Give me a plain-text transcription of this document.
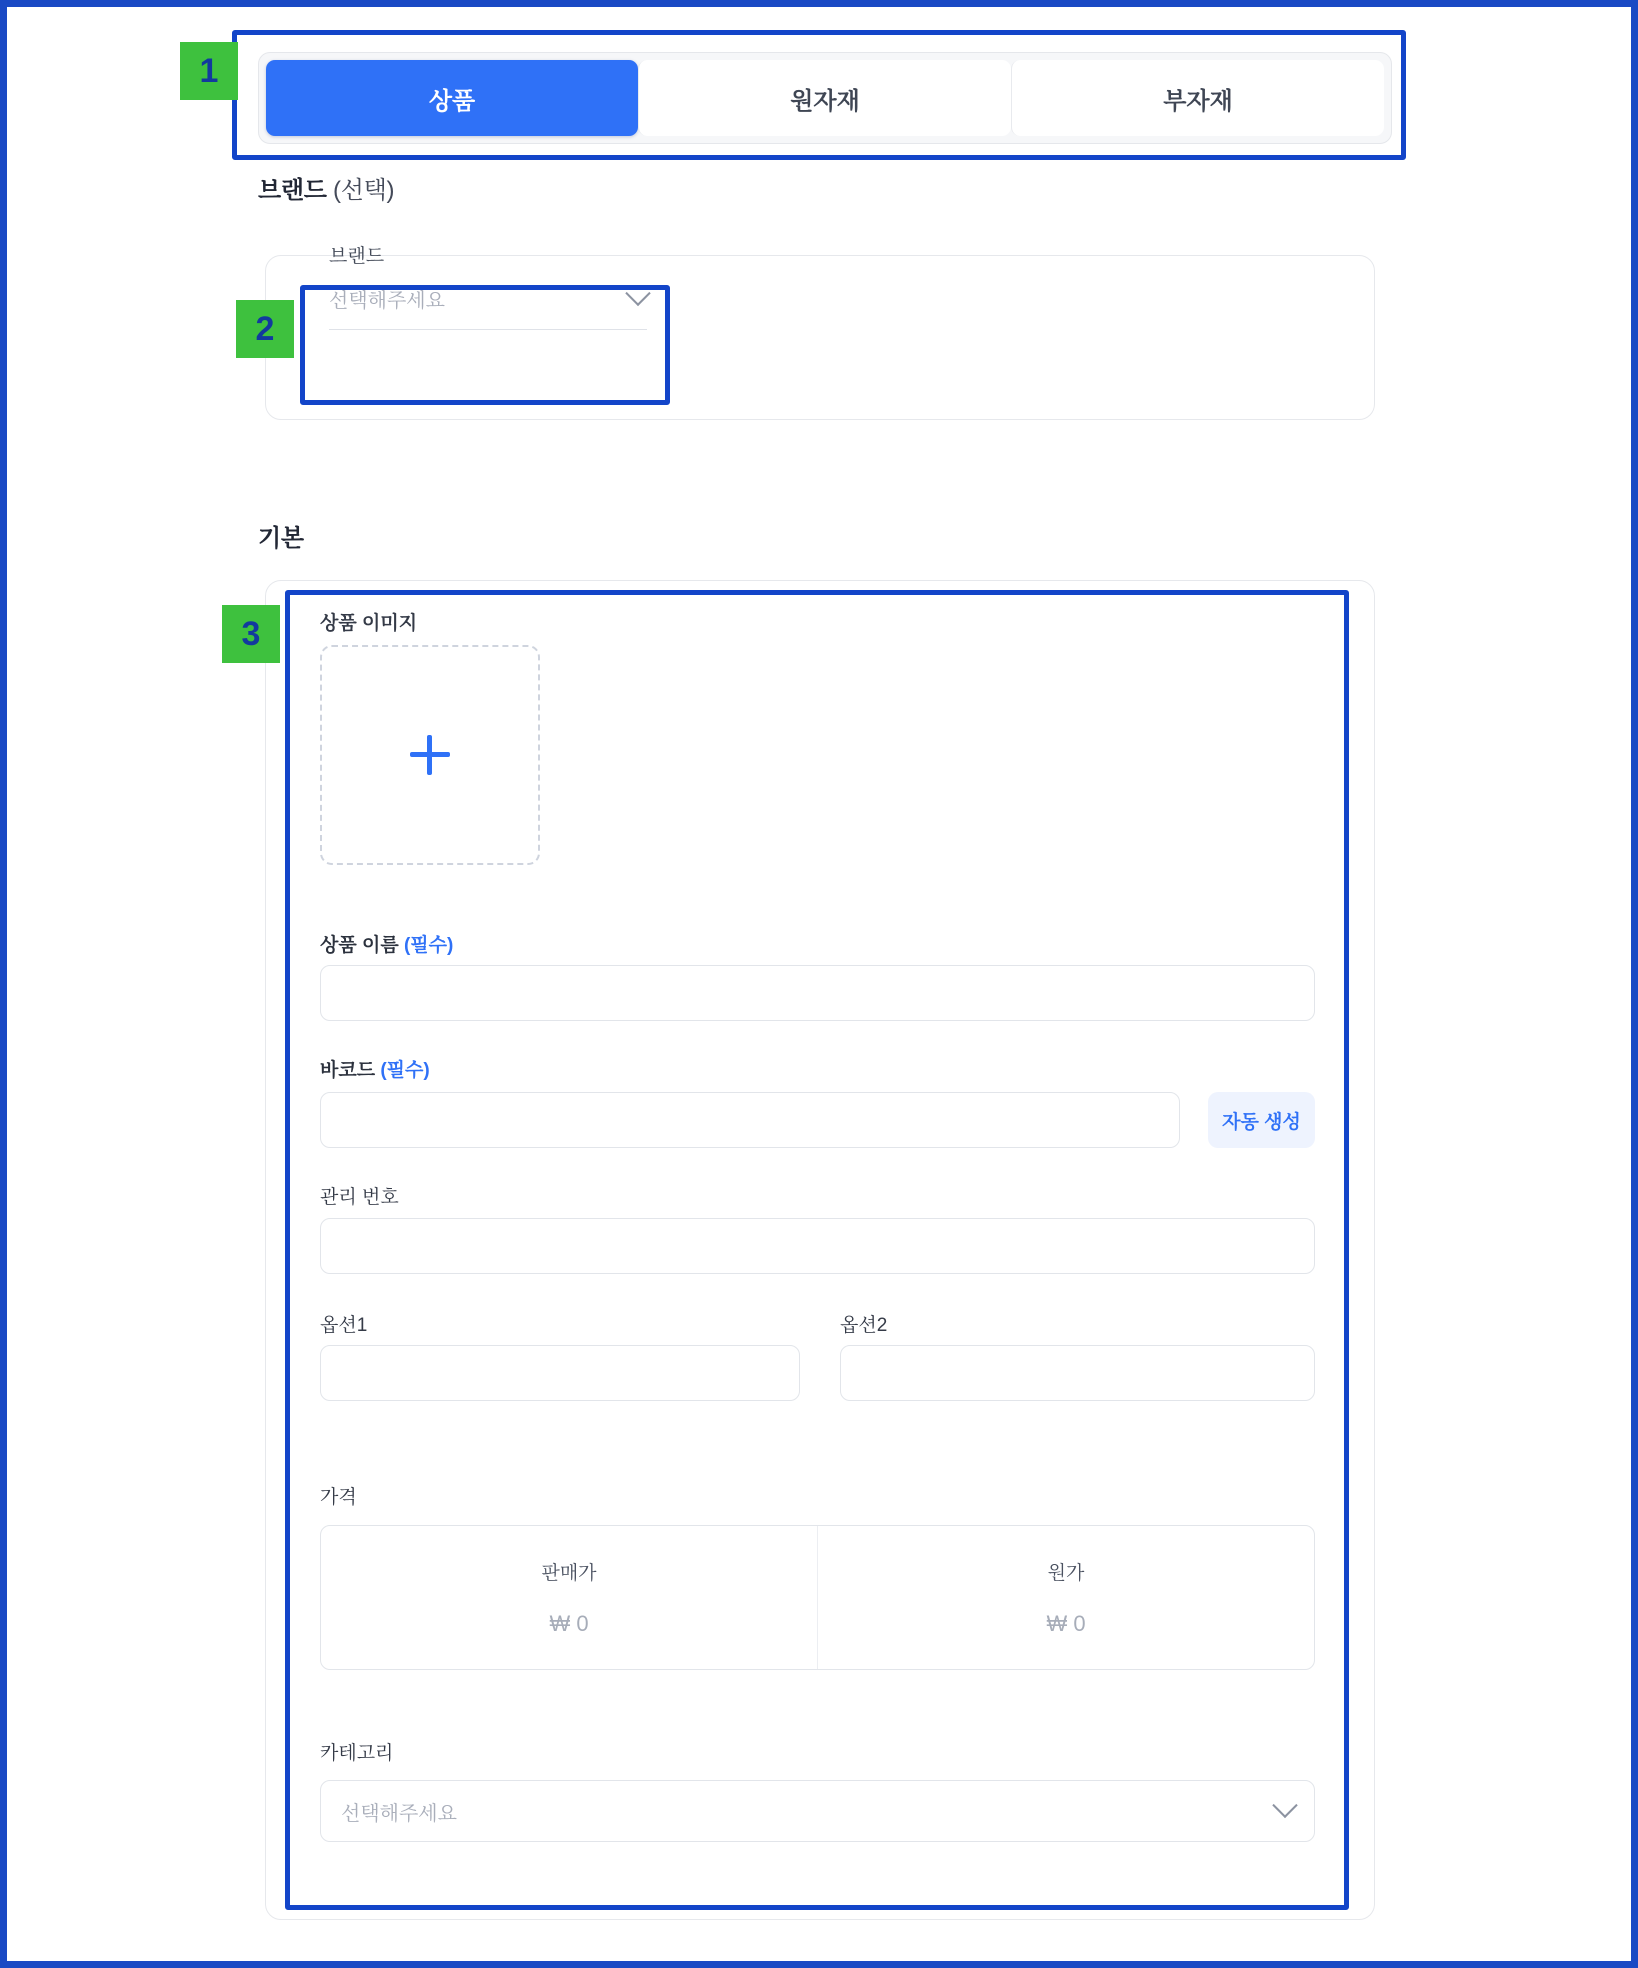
상품	원자재	부자재
1
브랜드 (선택)
브랜드
선택해주세요
2
기본
상품 이미지
상품 이름 (필수)
바코드 (필수)
자동 생성
관리 번호
옵션1	옵션2
가격
판매가
₩ 0
원가
₩ 0
카테고리
선택해주세요
3
